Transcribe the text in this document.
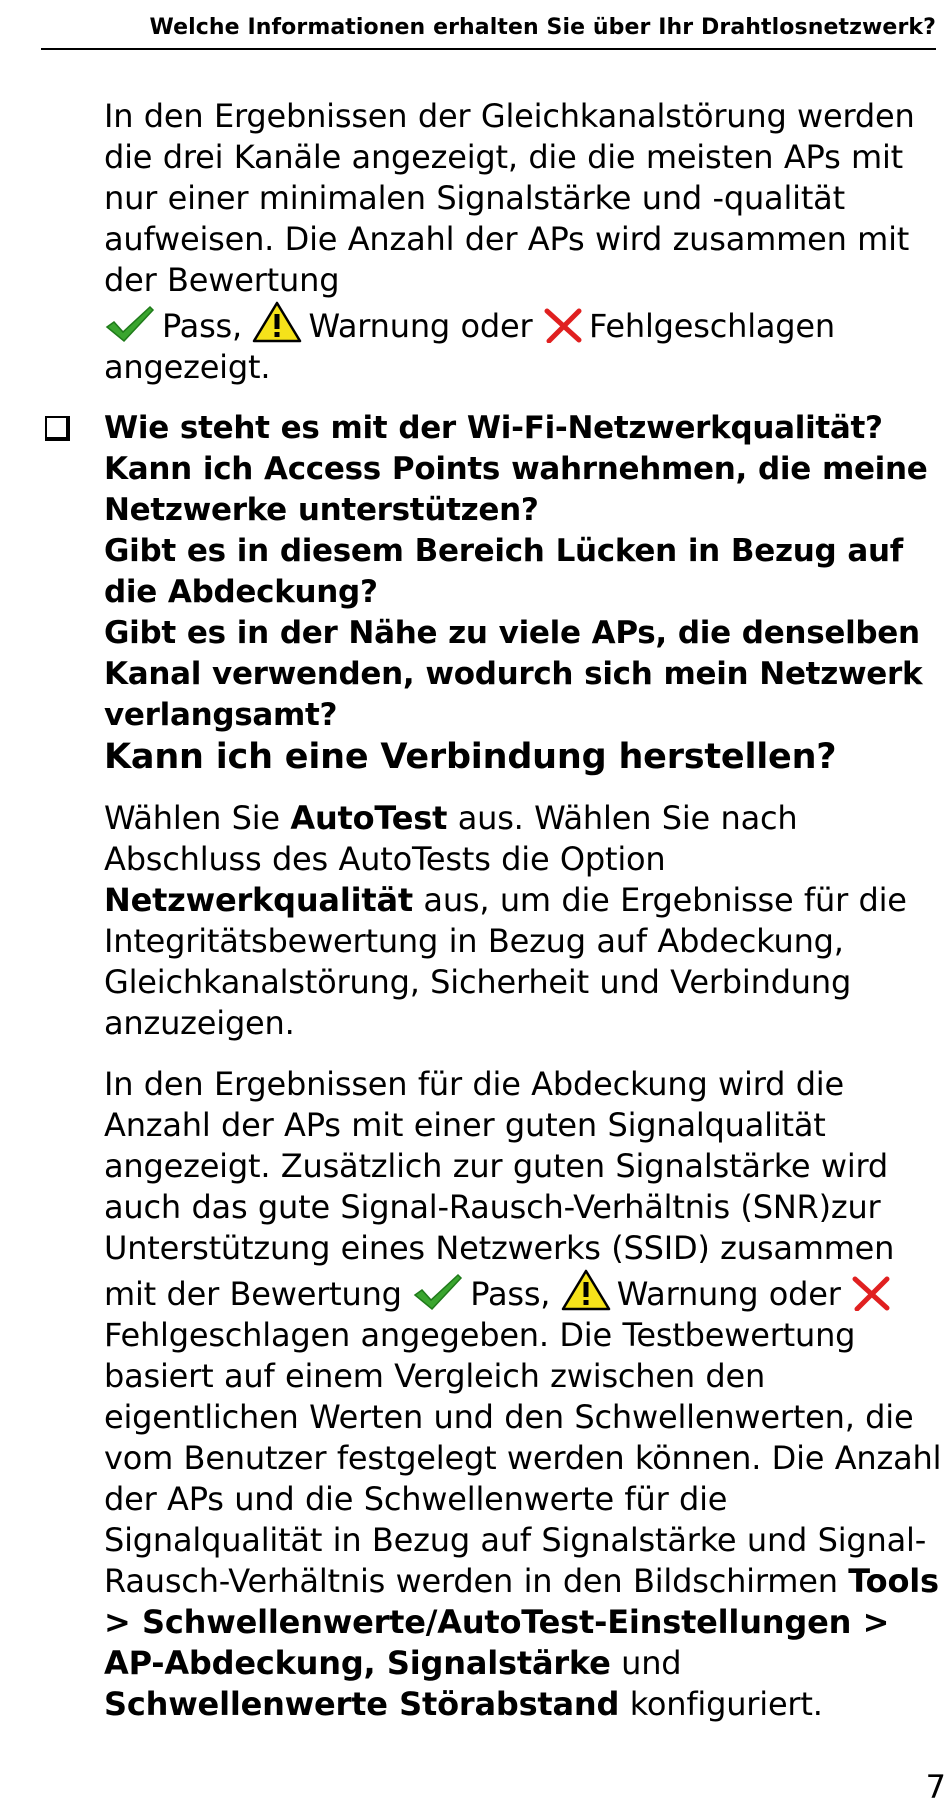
Welche Informationen erhalten Sie über Ihr Drahtlosnetzwerk?

In den Ergebnissen der Gleichkanalstörung werden die drei Kanäle angezeigt, die die meisten APs mit nur einer minimalen Signalstärke und -qualität aufweisen. Die Anzahl der APs wird zusammen mit der Bewertung

Pass, Warnung oder Fehlgeschlagen
angezeigt.

Wie steht es mit der Wi-Fi-Netzwerkqualität?

Kann ich Access Points wahrnehmen, die meine Netzwerke unterstützen?

Gibt es in diesem Bereich Lücken in Bezug auf die Abdeckung?

Gibt es in der Nähe zu viele APs, die denselben Kanal verwenden, wodurch sich mein Netzwerk verlangsamt?

Kann ich eine Verbindung herstellen?

Wählen Sie AutoTest aus. Wählen Sie nach Abschluss des AutoTests die Option Netzwerkqualität aus, um die Ergebnisse für die Integritätsbewertung in Bezug auf Abdeckung, Gleichkanalstörung, Sicherheit und Verbindung anzuzeigen.

In den Ergebnissen für die Abdeckung wird die Anzahl der APs mit einer guten Signalqualität angezeigt. Zusätzlich zur guten Signalstärke wird auch das gute Signal-Rausch-Verhältnis (SNR)zur Unterstützung eines Netzwerks (SSID) zusammen mit der Bewertung Pass, Warnung oder
Fehlgeschlagen angegeben. Die Testbewertung basiert auf einem Vergleich zwischen den eigentlichen Werten und den Schwellenwerten, die vom Benutzer festgelegt werden können. Die Anzahl der APs und die Schwellenwerte für die Signalqualität in Bezug auf Signalstärke und Signal-Rausch-Verhältnis werden in den Bildschirmen Tools > Schwellenwerte/AutoTest-Einstellungen > AP-Abdeckung, Signalstärke und Schwellenwerte Störabstand konfiguriert.

7
